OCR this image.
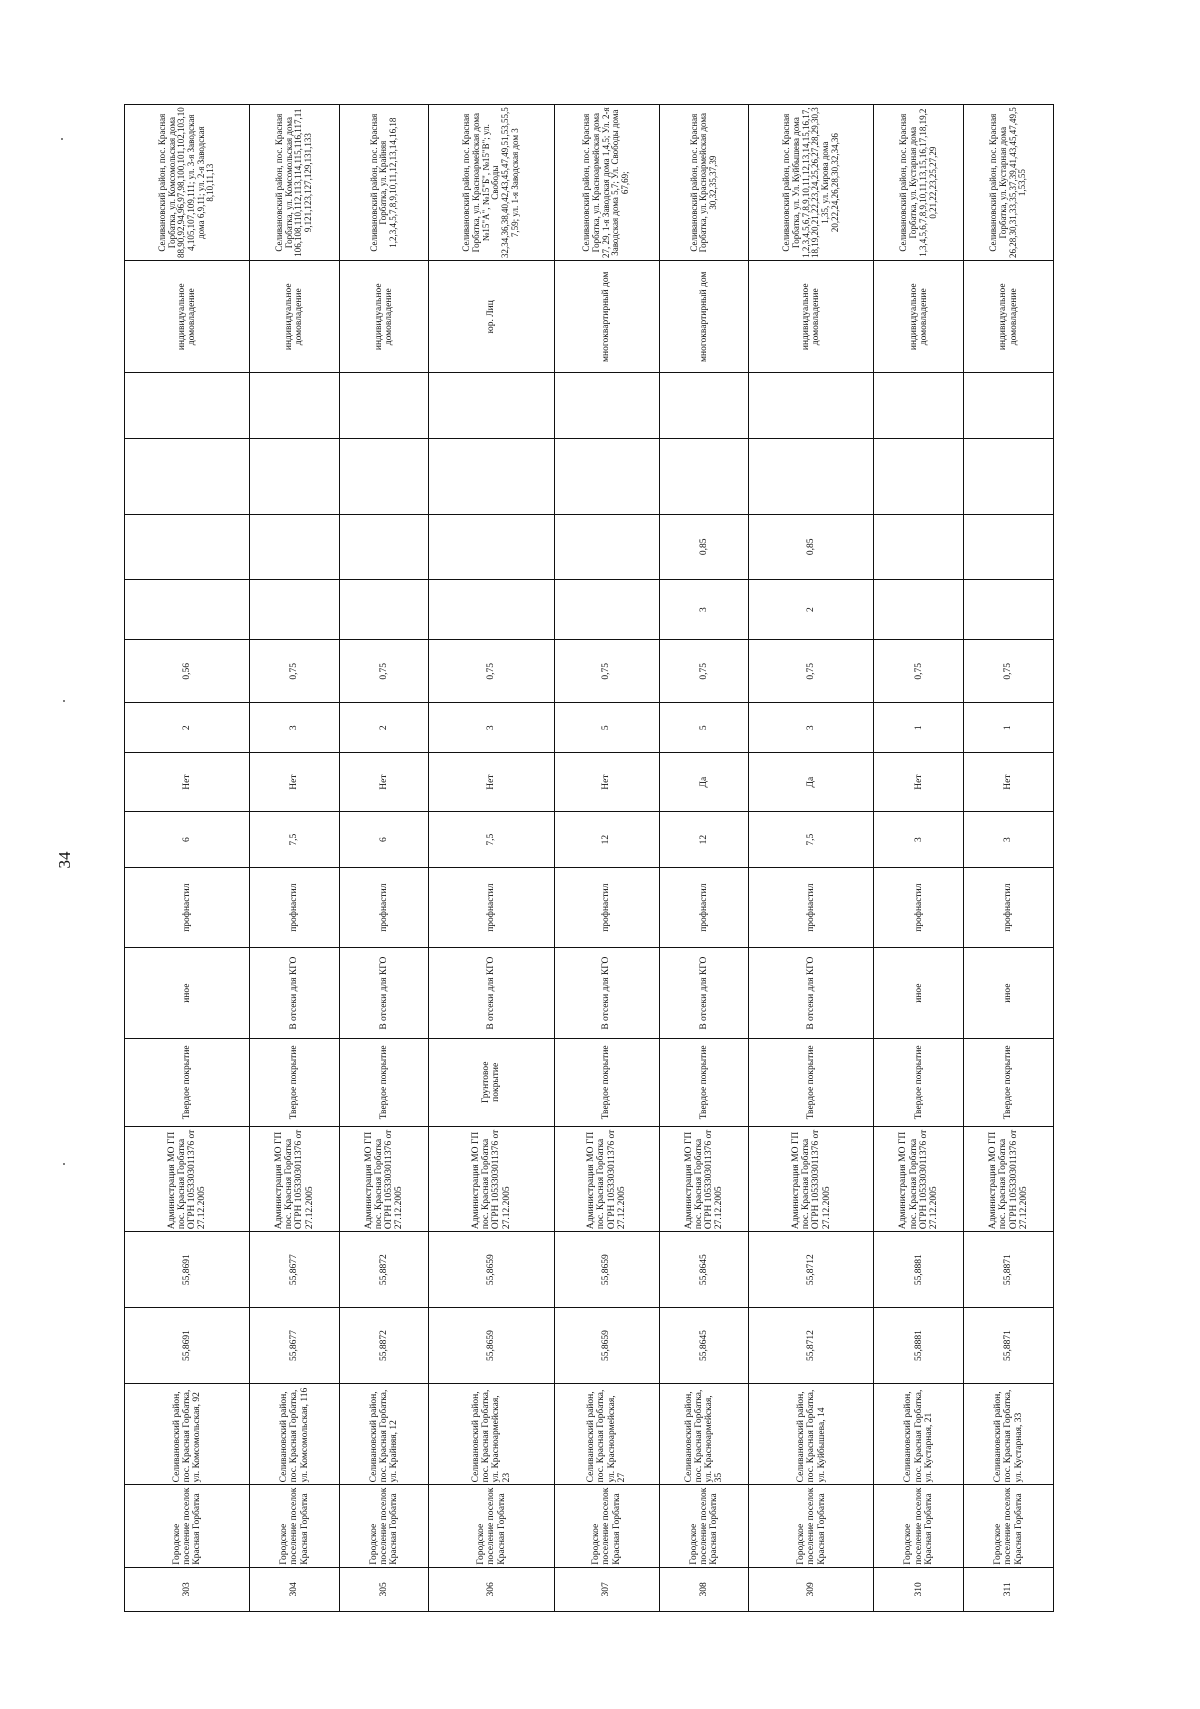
34
303	Городское поселение поселок Красная Горбатка	Селивановский район, пос. Красная Горбатка, ул. Комсомольская, 92	55,8691	55,8691	Администрация МО ГП пос. Красная Горбатка ОГРН 1053303011376 от 27.12.2005	Твердое покрытие	иное	профнастил	6	Нет	2	0,56					индивидуальное домовладение	Селивановский район, пос. Красная Горбатка, ул. Комсомольская дома 88,90,92,94,96,97,98,100,101,102,103,104,105,107,109,111; ул. 3-я Заводская дома 6,9,11; ул. 2-я Заводская 8,10,11,13
304	Городское поселение поселок Красная Горбатка	Селивановский район, пос. Красная Горбатка, ул. Комсомольская, 116	55,8677	55,8677	Администрация МО ГП пос. Красная Горбатка ОГРН 1053303011376 от 27.12.2005	Твердое покрытие	В отсеки для КГО	профнастил	7,5	Нет	3	0,75					индивидуальное домовладение	Селивановский район, пос. Красная Горбатка, ул. Комсомольская дома 106,108,110,112,113,114,115,116,117,119,121,123,127,129,131,133
305	Городское поселение поселок Красная Горбатка	Селивановский район, пос. Красная Горбатка, ул. Крайняя, 12	55,8872	55,8872	Администрация МО ГП пос. Красная Горбатка ОГРН 1053303011376 от 27.12.2005	Твердое покрытие	В отсеки для КГО	профнастил	6	Нет	2	0,75					индивидуальное домовладение	Селивановский район, пос. Красная Горбатка, ул. Крайняя 1,2,3,4,5,7,8,9,10,11,12,13,14,16,18
306	Городское поселение поселок Красная Горбатка	Селивановский район, пос. Красная Горбатка, ул. Красноармейская, 23	55,8659	55,8659	Администрация МО ГП пос. Красная Горбатка ОГРН 1053303011376 от 27.12.2005	Грунтовое покрытие	В отсеки для КГО	профнастил	7,5	Нет	3	0,75					юр. Лиц	Селивановский район, пос. Красная Горбатка, ул. Красноармейская дома №15"А", №15"Б", №15"В"; ул. Свободы 32,34,36,38,40,42,43,45,47,49,51,53,55,57,59; ул. 1-я Заводская дом 3
307	Городское поселение поселок Красная Горбатка	Селивановский район, пос. Красная Горбатка, ул. Красноармейская, 27	55,8659	55,8659	Администрация МО ГП пос. Красная Горбатка ОГРН 1053303011376 от 27.12.2005	Твердое покрытие	В отсеки для КГО	профнастил	12	Нет	5	0,75					многоквартирный дом	Селивановский район, пос. Красная Горбатка, ул. Красноармейская дома 27, 29, 1-я Заводская дома 1,4,5; Ул. 2-я Заводская дома 5,7; Ул. Свободы дома 67,69;
308	Городское поселение поселок Красная Горбатка	Селивановский район, пос. Красная Горбатка, ул. Красноармейская, 35	55,8645	55,8645	Администрация МО ГП пос. Красная Горбатка ОГРН 1053303011376 от 27.12.2005	Твердое покрытие	В отсеки для КГО	профнастил	12	Да	5	0,75	3	0,85			многоквартирный дом	Селивановский район, пос. Красная Горбатка, ул. Красноармейская дома 30,32,35,37,39
309	Городское поселение поселок Красная Горбатка	Селивановский район, пос. Красная Горбатка, ул. Куйбышева, 14	55,8712	55,8712	Администрация МО ГП пос. Красная Горбатка ОГРН 1053303011376 от 27.12.2005	Твердое покрытие	В отсеки для КГО	профнастил	7,5	Да	3	0,75	2	0,85			индивидуальное домовладение	Селивановский район, пос. Красная Горбатка, ул. Ул. Куйбышева дома 1,2,3,4,5,6,7,8,9,10,11,12,13,14,15,16,17,18,19,20,21,22,23,24,25,26,27,28,29,30,31,35, ул. Кирова дома 20,22,24,26,28,30,32,34,36
310	Городское поселение поселок Красная Горбатка	Селивановский район, пос. Красная Горбатка, ул. Кустарная, 21	55,8881	55,8881	Администрация МО ГП пос. Красная Горбатка ОГРН 1053303011376 от 27.12.2005	Твердое покрытие	иное	профнастил	3	Нет	1	0,75					индивидуальное домовладение	Селивановский район, пос. Красная Горбатка, ул. Кустарная дома 1,3,4,5,6,7,8,9,10,11,13,15,16,17,18,19,20,21,22,23,25,27,29
311	Городское поселение поселок Красная Горбатка	Селивановский район, пос. Красная Горбатка, ул. Кустарная, 33	55,8871	55,8871	Администрация МО ГП пос. Красная Горбатка ОГРН 1053303011376 от 27.12.2005	Твердое покрытие	иное	профнастил	3	Нет	1	0,75					индивидуальное домовладение	Селивановский район, пос. Красная Горбатка, ул. Кустарная дома 26,28,30,31,33,35,37,39,41,43,45,47,49,51,53,55
